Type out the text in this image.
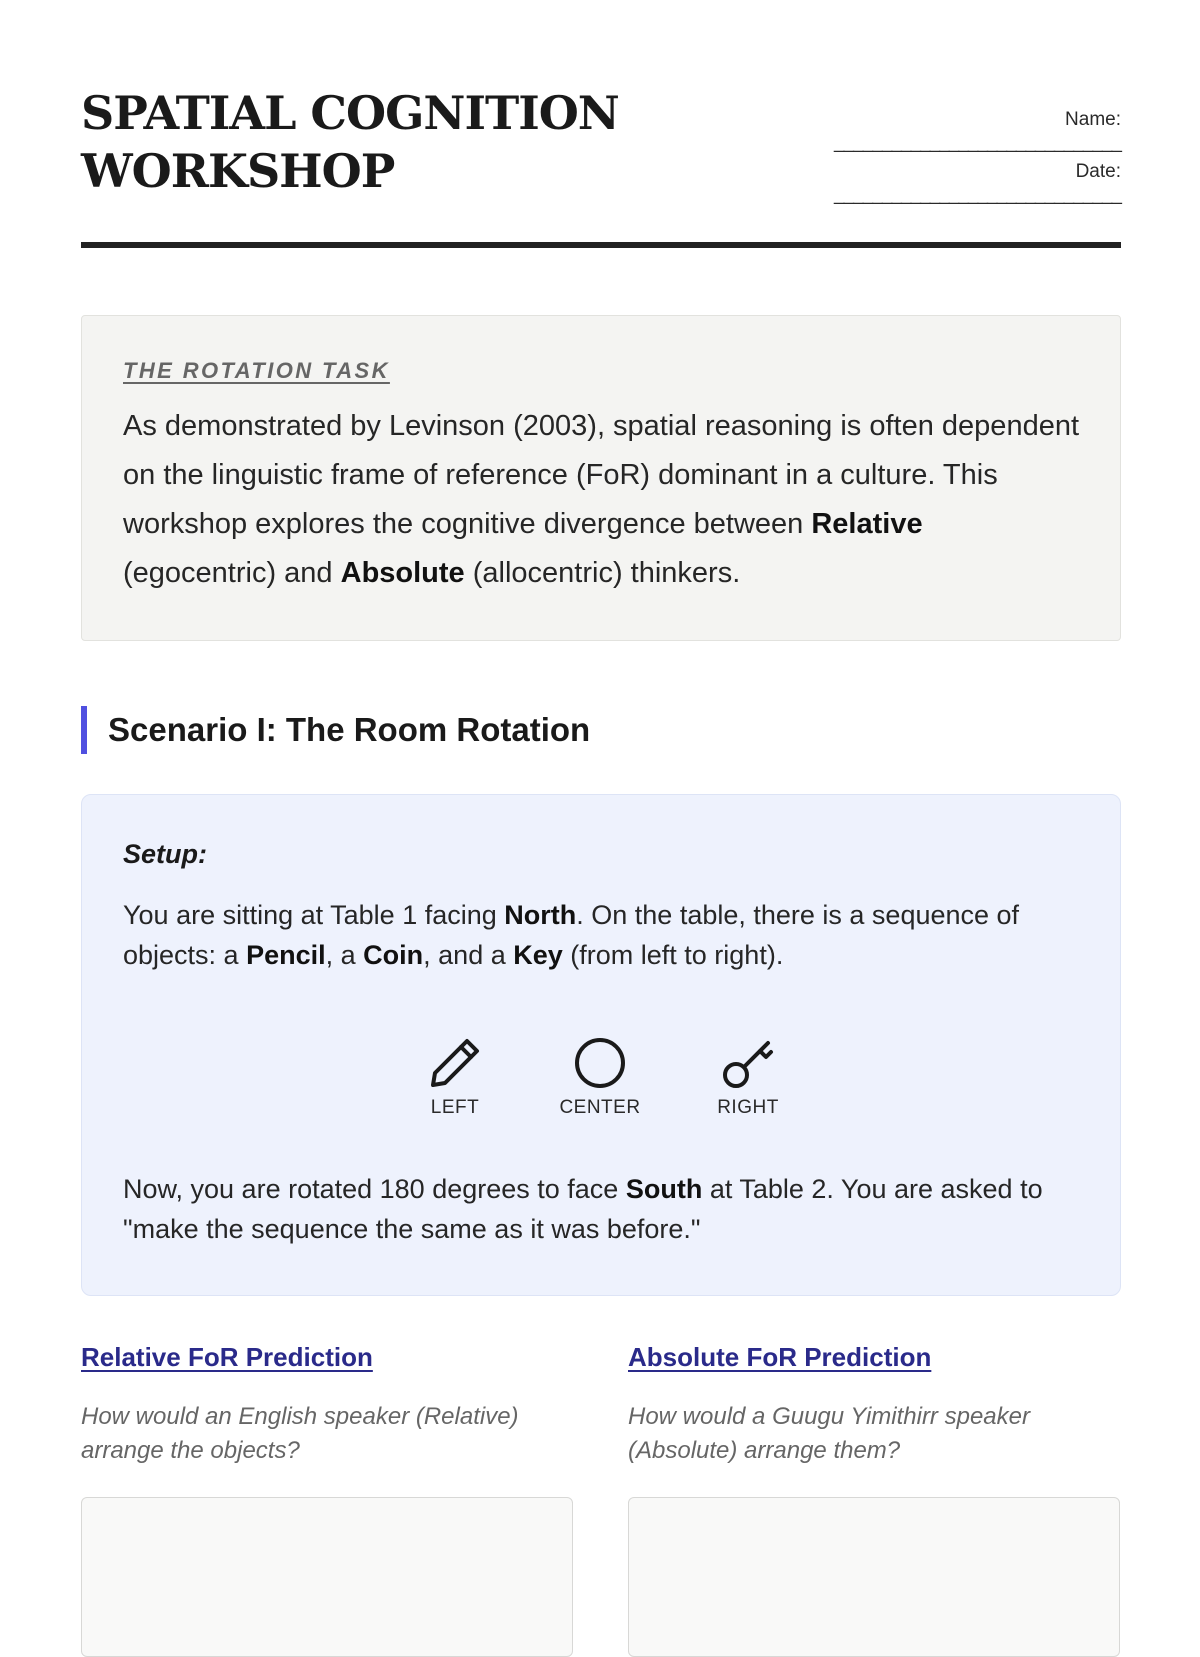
SPATIAL COGNITION
WORKSHOP
Name:
______________________________
Date:
______________________________

THE ROTATION TASK

As demonstrated by Levinson (2003), spatial reasoning is often dependent on the linguistic frame of reference (FoR) dominant in a culture. This workshop explores the cognitive divergence between Relative (egocentric) and Absolute (allocentric) thinkers.

Scenario I: The Room Rotation

Setup:

You are sitting at Table 1 facing North. On the table, there is a sequence of objects: a Pencil, a Coin, and a Key (from left to right).

LEFT	CENTER	RIGHT

Now, you are rotated 180 degrees to face South at Table 2. You are asked to "make the sequence the same as it was before."

Relative FoR Prediction

How would an English speaker (Relative) arrange the objects?

Absolute FoR Prediction

How would a Guugu Yimithirr speaker (Absolute) arrange them?
